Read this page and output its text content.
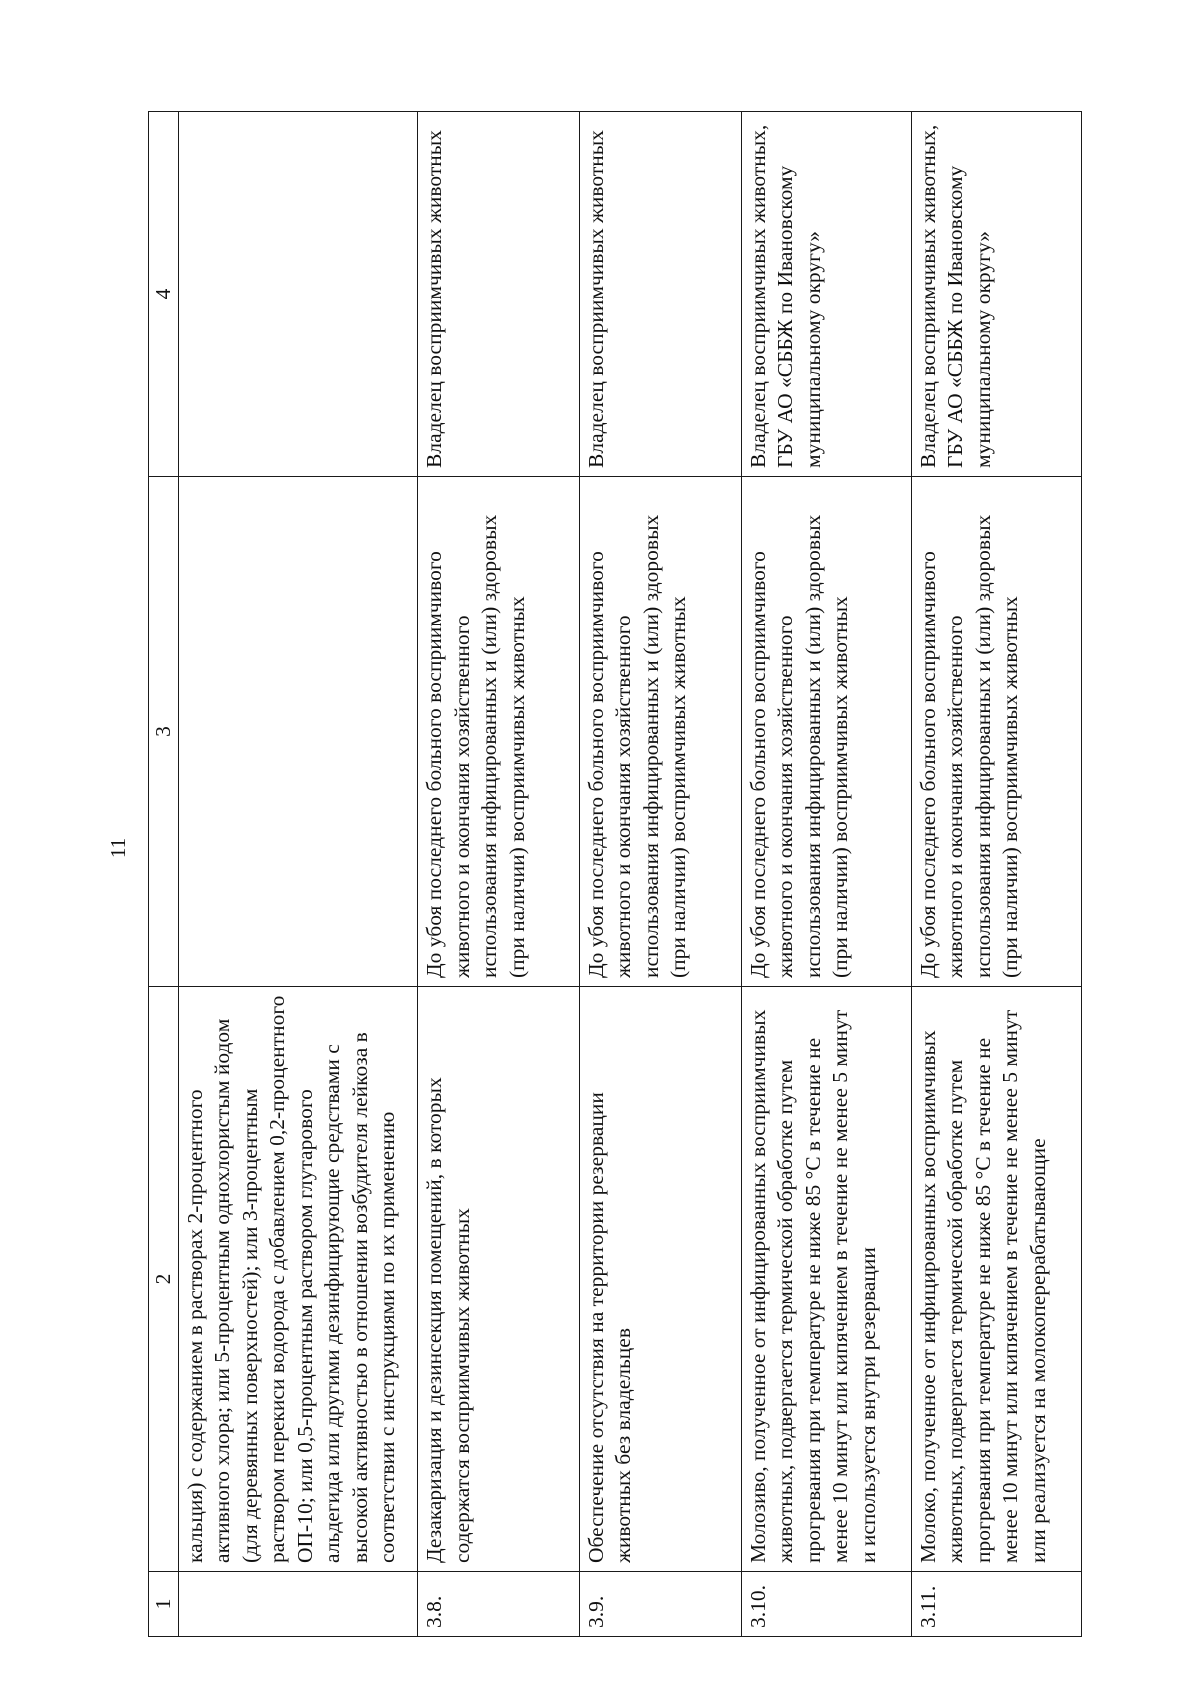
11
1	2	3	4

	кальция) с содержанием в растворах 2-процентного активного хлора; или 5-процентным однохлористым йодом (для деревянных поверхностей); или 3-процентным раствором перекиси водорода с добавлением 0,2-процентного ОП-10; или 0,5-процентным раствором глутарового альдегида или другими дезинфицирующие средствами с высокой активностью в отношении возбудителя лейкоза в соответствии с инструкциями по их применению		

3.8.	Дезакаризация и дезинсекция помещений, в которых содержатся восприимчивых животных	До убоя последнего больного восприимчивого животного и окончания хозяйственного использования инфицированных и (или) здоровых (при наличии) восприимчивых животных	Владелец восприимчивых животных

3.9.	Обеспечение отсутствия на территории резервации животных без владельцев	До убоя последнего больного восприимчивого животного и окончания хозяйственного использования инфицированных и (или) здоровых (при наличии) восприимчивых животных	Владелец восприимчивых животных

3.10.	Молозиво, полученное от инфицированных восприимчивых животных, подвергается термической обработке путем прогревания при температуре не ниже 85 °С в течение не менее 10 минут или кипячением в течение не менее 5 минут и используется внутри резервации	До убоя последнего больного восприимчивого животного и окончания хозяйственного использования инфицированных и (или) здоровых (при наличии) восприимчивых животных	Владелец восприимчивых животных, ГБУ АО «СББЖ по Ивановскому муниципальному округу»

3.11.	Молоко, полученное от инфицированных восприимчивых животных, подвергается термической обработке путем прогревания при температуре не ниже 85 °С в течение не менее 10 минут или кипячением в течение не менее 5 минут или реализуется на молокоперерабатывающие	До убоя последнего больного восприимчивого животного и окончания хозяйственного использования инфицированных и (или) здоровых (при наличии) восприимчивых животных	Владелец восприимчивых животных, ГБУ АО «СББЖ по Ивановскому муниципальному округу»
